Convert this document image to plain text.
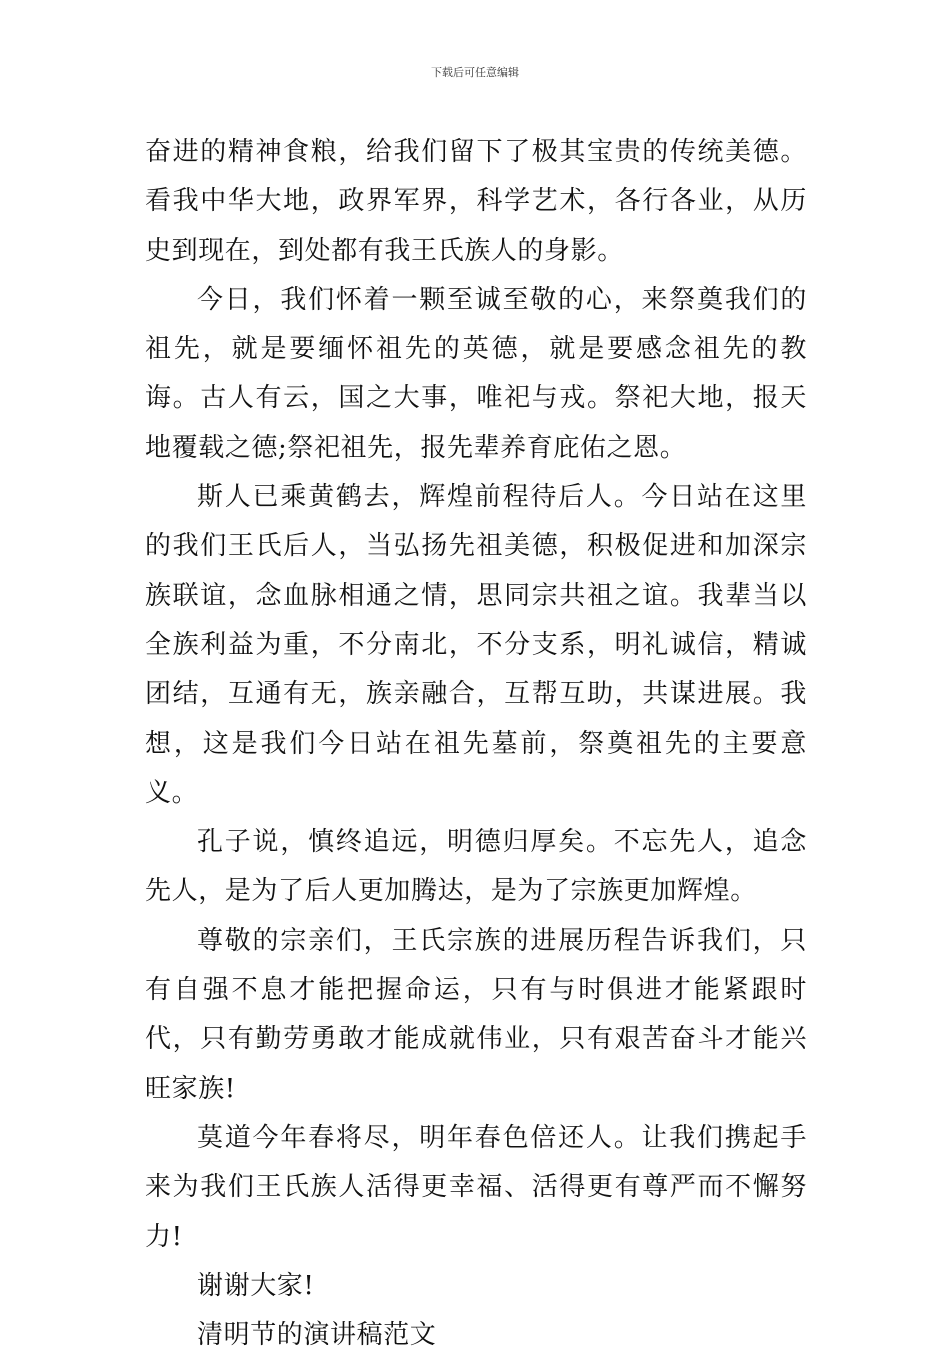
下载后可任意编辑

奋进的精神食粮，给我们留下了极其宝贵的传统美德。看我中华大地，政界军界，科学艺术，各行各业，从历史到现在，到处都有我王氏族人的身影。

今日，我们怀着一颗至诚至敬的心，来祭奠我们的祖先，就是要缅怀祖先的英德，就是要感念祖先的教诲。古人有云，国之大事，唯祀与戎。祭祀大地，报天地覆载之德;祭祀祖先，报先辈养育庇佑之恩。

斯人已乘黄鹤去，辉煌前程待后人。今日站在这里的我们王氏后人，当弘扬先祖美德，积极促进和加深宗族联谊，念血脉相通之情，思同宗共祖之谊。我辈当以全族利益为重，不分南北，不分支系，明礼诚信，精诚团结，互通有无，族亲融合，互帮互助，共谋进展。我想，这是我们今日站在祖先墓前，祭奠祖先的主要意义。

孔子说，慎终追远，明德归厚矣。不忘先人，追念先人，是为了后人更加腾达，是为了宗族更加辉煌。

尊敬的宗亲们，王氏宗族的进展历程告诉我们，只有自强不息才能把握命运，只有与时俱进才能紧跟时代，只有勤劳勇敢才能成就伟业，只有艰苦奋斗才能兴旺家族!

莫道今年春将尽，明年春色倍还人。让我们携起手来为我们王氏族人活得更幸福、活得更有尊严而不懈努力!

谢谢大家!

清明节的演讲稿范文
